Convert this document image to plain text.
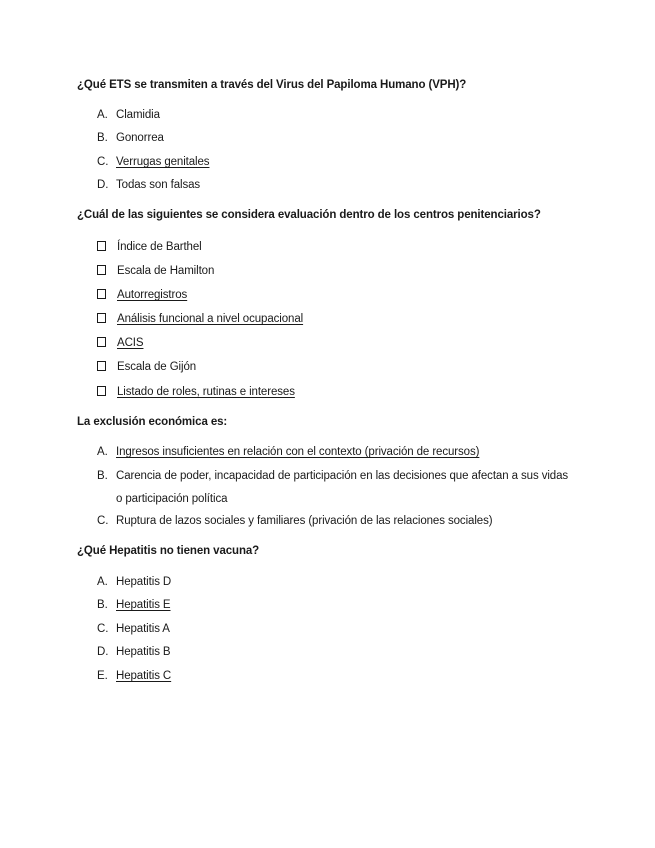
¿Qué ETS se transmiten a través del Virus del Papiloma Humano (VPH)?
A. Clamidia
B. Gonorrea
C. Verrugas genitales
D. Todas son falsas
¿Cuál de las siguientes se considera evaluación dentro de los centros penitenciarios?
Índice de Barthel
Escala de Hamilton
Autorregistros
Análisis funcional a nivel ocupacional
ACIS
Escala de Gijón
Listado de roles, rutinas e intereses
La exclusión económica es:
A. Ingresos insuficientes en relación con el contexto (privación de recursos)
B. Carencia de poder, incapacidad de participación en las decisiones que afectan a sus vidas
o participación política
C. Ruptura de lazos sociales y familiares (privación de las relaciones sociales)
¿Qué Hepatitis no tienen vacuna?
A. Hepatitis D
B. Hepatitis E
C. Hepatitis A
D. Hepatitis B
E. Hepatitis C
